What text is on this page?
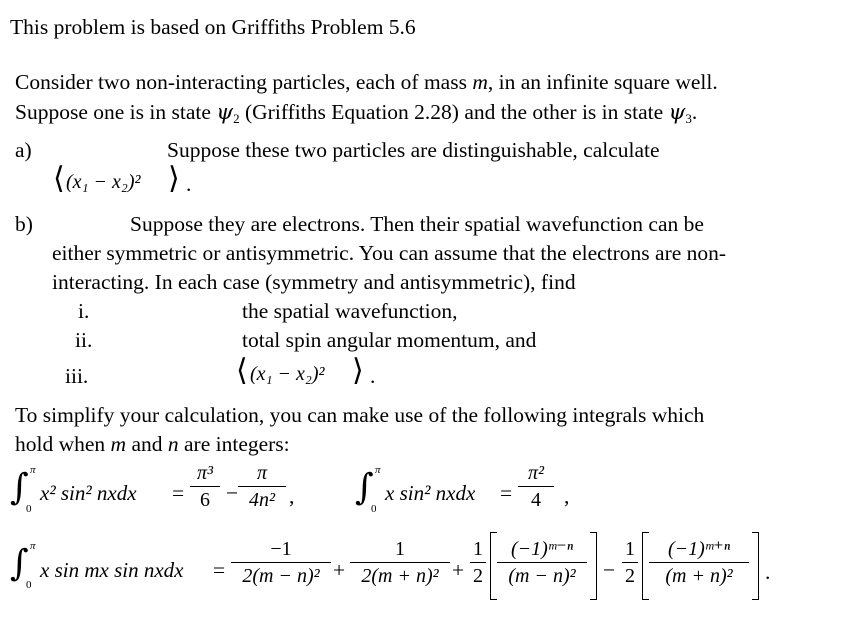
This problem is based on Griffiths Problem 5.6
Consider two non-interacting particles, each of mass m, in an infinite square well.
Suppose one is in state $\psi_2$ (Griffiths Equation 2.28) and the other is in state $\psi_3$.
a)	Suppose these two particles are distinguishable, calculate
⟨ (x₁ − x₂)² ⟩ .
b)	Suppose they are electrons. Then their spatial wavefunction can be
either symmetric or antisymmetric. You can assume that the electrons are non-
interacting. In each case (symmetry and antisymmetric), find
i.	the spatial wavefunction,
ii.	total spin angular momentum, and
iii.	⟨ (x₁ − x₂)² ⟩ .
To simplify your calculation, you can make use of the following integrals which
hold when m and n are integers:
∫ π
0
x² sin² nxdx =
π³
6 −
π
4n² , ∫ π
0
x sin² nxdx =
π²
4	,
∫ π
0
x sin mx sin nxdx =
−1
2(m − n)² +
1
2(m + n)² +
1
2
(−1)ᵐ⁻ⁿ
(m − n)²	−
1
2
(−1)ᵐ⁺ⁿ
(m + n)²	.
